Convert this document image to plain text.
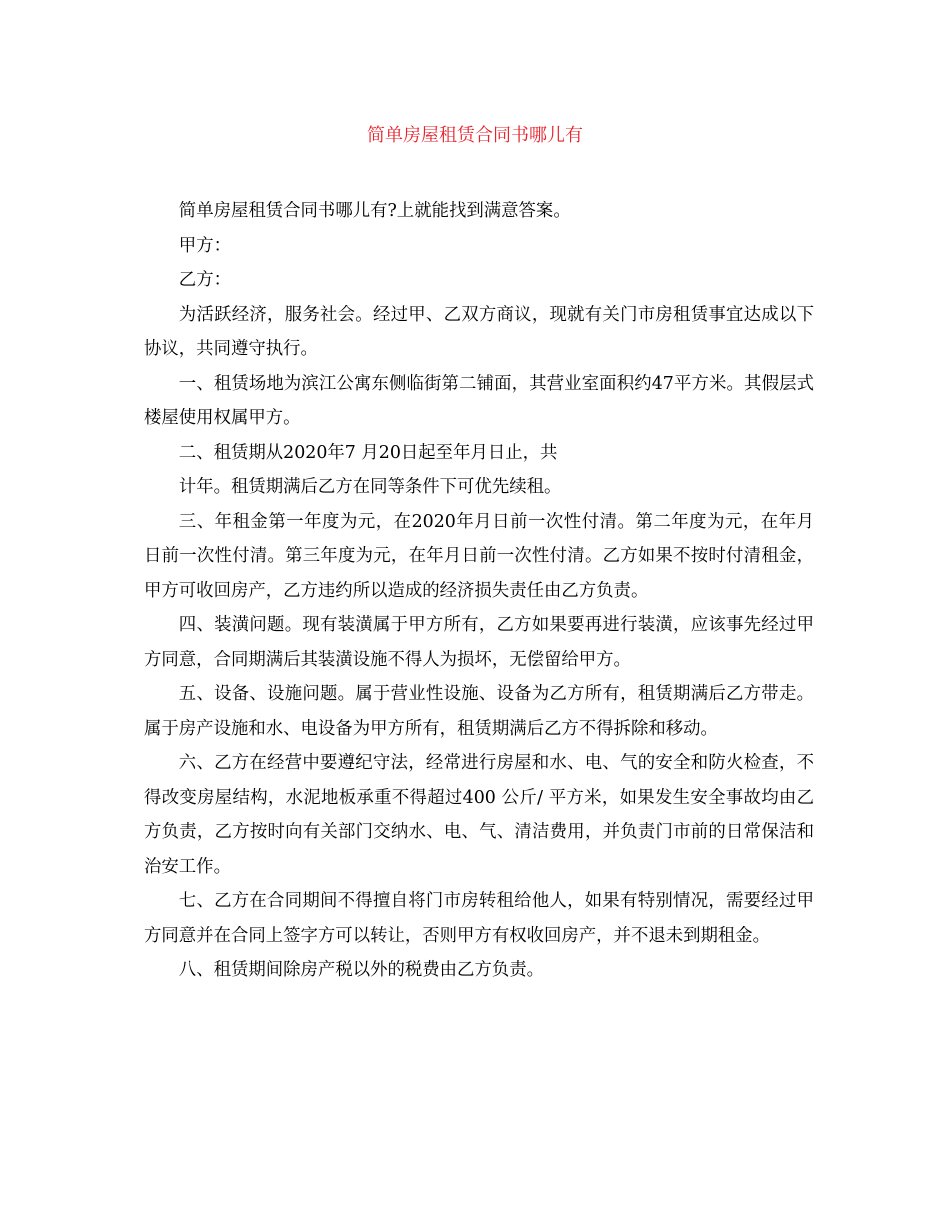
简单房屋租赁合同书哪儿有

简单房屋租赁合同书哪儿有?上就能找到满意答案。

甲方：

乙方：

为活跃经济，服务社会。经过甲、乙双方商议，现就有关门市房租赁事宜达成以下协议，共同遵守执行。

一、租赁场地为滨江公寓东侧临街第二铺面，其营业室面积约47平方米。其假层式楼屋使用权属甲方。

二、租赁期从2020年7 月20日起至年月日止，共

计年。租赁期满后乙方在同等条件下可优先续租。

三、年租金第一年度为元，在2020年月日前一次性付清。第二年度为元，在年月日前一次性付清。第三年度为元，在年月日前一次性付清。乙方如果不按时付清租金，甲方可收回房产，乙方违约所以造成的经济损失责任由乙方负责。

四、装潢问题。现有装潢属于甲方所有，乙方如果要再进行装潢，应该事先经过甲方同意，合同期满后其装潢设施不得人为损坏，无偿留给甲方。

五、设备、设施问题。属于营业性设施、设备为乙方所有，租赁期满后乙方带走。属于房产设施和水、电设备为甲方所有，租赁期满后乙方不得拆除和移动。

六、乙方在经营中要遵纪守法，经常进行房屋和水、电、气的安全和防火检查，不得改变房屋结构，水泥地板承重不得超过400 公斤/ 平方米，如果发生安全事故均由乙方负责，乙方按时向有关部门交纳水、电、气、清洁费用，并负责门市前的日常保洁和治安工作。

七、乙方在合同期间不得擅自将门市房转租给他人，如果有特别情况，需要经过甲方同意并在合同上签字方可以转让，否则甲方有权收回房产，并不退未到期租金。

八、租赁期间除房产税以外的税费由乙方负责。
